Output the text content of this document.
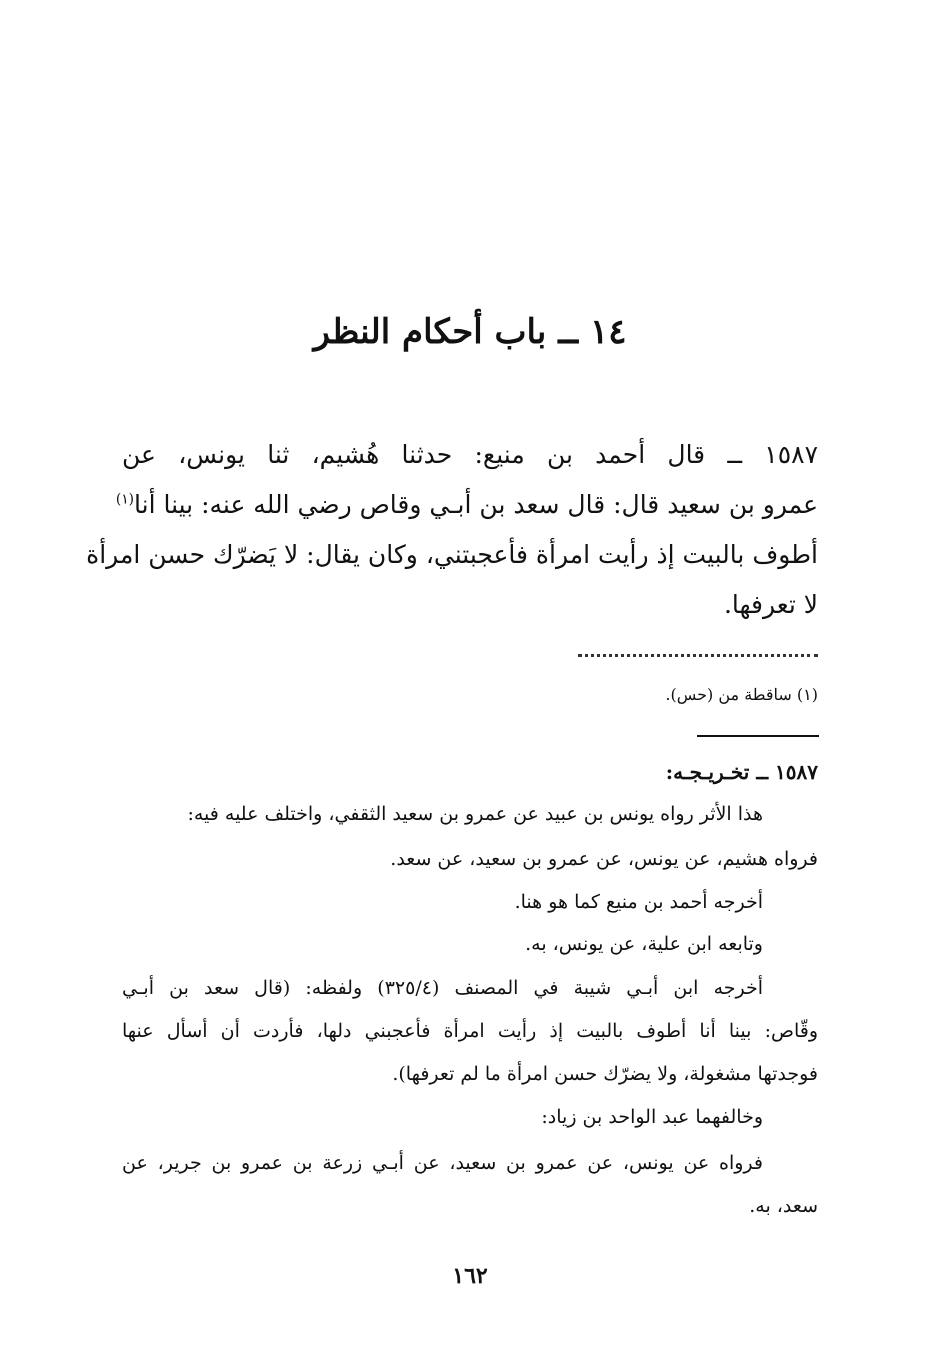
١٤ ــ باب أحكام النظر
١٥٨٧ ــ قال أحمد بن منيع: حدثنا هُشيم، ثنا يونس، عن
عمرو بن سعيد قال: قال سعد بن أبـي وقاص رضي الله عنه: بينا أنا$^{(١)}$
أطوف بالبيت إذ رأيت امرأة فأعجبتني، وكان يقال: لا يَضرّك حسن امرأة
لا تعرفها.
(١) ساقطة من (حس).
١٥٨٧ ــ تخـريـجـه:
هذا الأثر رواه يونس بن عبيد عن عمرو بن سعيد الثقفي، واختلف عليه فيه:
فرواه هشيم، عن يونس، عن عمرو بن سعيد، عن سعد.
أخرجه أحمد بن منيع كما هو هنا.
وتابعه ابن علية، عن يونس، به.
أخرجه ابن أبـي شيبة في المصنف (٣٢٥/٤) ولفظه: (قال سعد بن أبـي
وقّاص: بينا أنا أطوف بالبيت إذ رأيت امرأة فأعجبني دلها، فأردت أن أسأل عنها
فوجدتها مشغولة، ولا يضرّك حسن امرأة ما لم تعرفها).
وخالفهما عبد الواحد بن زياد:
فرواه عن يونس، عن عمرو بن سعيد، عن أبـي زرعة بن عمرو بن جرير، عن
سعد، به.
١٦٢
